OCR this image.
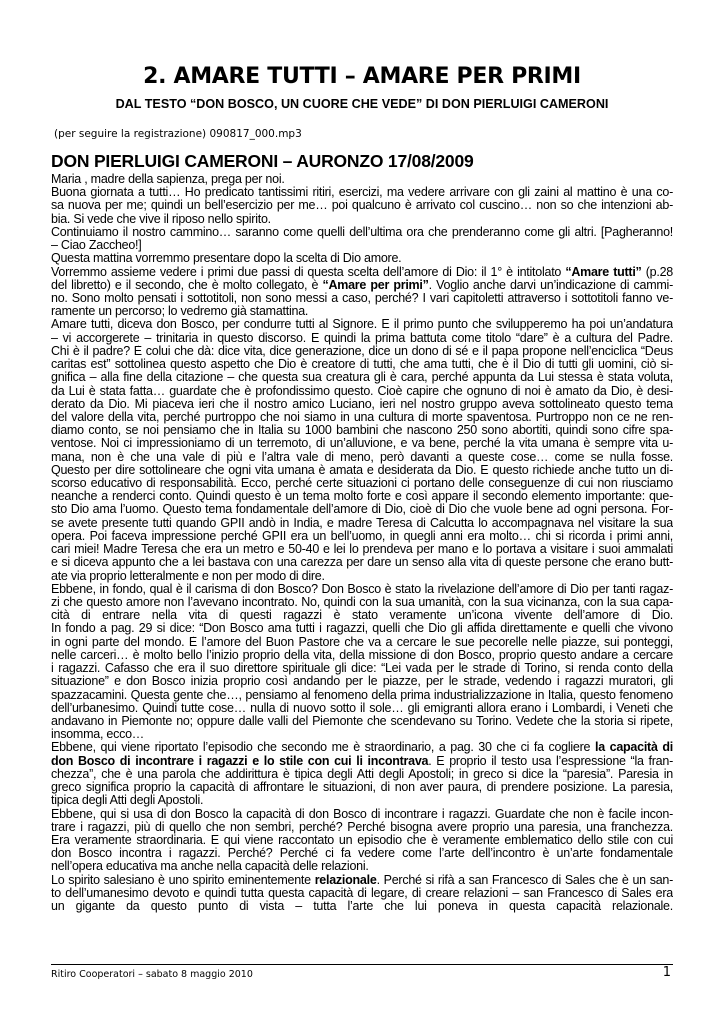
2. AMARE TUTTI – AMARE PER PRIMI
DAL TESTO “DON BOSCO, UN CUORE CHE VEDE” DI DON PIERLUIGI CAMERONI
(per seguire la registrazione) 090817_000.mp3
DON PIERLUIGI CAMERONI – AURONZO 17/08/2009
Maria , madre della sapienza, prega per noi.
Buona giornata a tutti… Ho predicato tantissimi ritiri, esercizi, ma vedere arrivare con gli zaini al mattino è una co-
sa nuova per me; quindi un bell’esercizio per me… poi qualcuno è arrivato col cuscino… non so che intenzioni ab-
bia. Si vede che vive il riposo nello spirito.
Continuiamo il nostro cammino… saranno come quelli dell’ultima ora che prenderanno come gli altri. [Pagheranno!
– Ciao Zaccheo!]
Questa mattina vorremmo presentare dopo la scelta di Dio amore.
Vorremmo assieme vedere i primi due passi di questa scelta dell’amore di Dio: il 1° è intitolato “Amare tutti” (p.28
del libretto) e il secondo, che è molto collegato, è “Amare per primi”. Voglio anche darvi un’indicazione di cammi-
no. Sono molto pensati i sottotitoli, non sono messi a caso, perché? I vari capitoletti attraverso i sottotitoli fanno ve-
ramente un percorso; lo vedremo già stamattina.
Amare tutti, diceva don Bosco, per condurre tutti al Signore. E il primo punto che svilupperemo ha poi un’andatura
– vi accorgerete – trinitaria in questo discorso. E quindi la prima battuta come titolo “dare” è a cultura del Padre.
Chi è il padre? È colui che dà: dice vita, dice generazione, dice un dono di sé e il papa propone nell’enciclica “Deus
caritas est” sottolinea questo aspetto che Dio è creatore di tutti, che ama tutti, che è il Dio di tutti gli uomini, ciò si-
gnifica – alla fine della citazione – che questa sua creatura gli è cara, perché appunta da Lui stessa è stata voluta,
da Lui è stata fatta… guardate che è profondissimo questo. Cioè capire che ognuno di noi è amato da Dio, è desi-
derato da Dio. Mi piaceva ieri che il nostro amico Luciano, ieri nel nostro gruppo aveva sottolineato questo tema
del valore della vita, perché purtroppo che noi siamo in una cultura di morte spaventosa. Purtroppo non ce ne ren-
diamo conto, se noi pensiamo che in Italia su 1000 bambini che nascono 250 sono abortiti, quindi sono cifre spa-
ventose. Noi ci impressioniamo di un terremoto, di un’alluvione, e va bene, perché la vita umana è sempre vita u-
mana, non è che una vale di più e l’altra vale di meno, però davanti a queste cose… come se nulla fosse.
Questo per dire sottolineare che ogni vita umana è amata e desiderata da Dio. E questo richiede anche tutto un di-
scorso educativo di responsabilità. Ecco, perché certe situazioni ci portano delle conseguenze di cui non riusciamo
neanche a renderci conto. Quindi questo è un tema molto forte e così appare il secondo elemento importante: que-
sto Dio ama l’uomo. Questo tema fondamentale dell’amore di Dio, cioè di Dio che vuole bene ad ogni persona. For-
se avete presente tutti quando GPII andò in India, e madre Teresa di Calcutta lo accompagnava nel visitare la sua
opera. Poi faceva impressione perché GPII era un bell’uomo, in quegli anni era molto… chi si ricorda i primi anni,
cari miei! Madre Teresa che era un metro e 50-40 e lei lo prendeva per mano e lo portava a visitare i suoi ammalati
e si diceva appunto che a lei bastava con una carezza per dare un senso alla vita di queste persone che erano butt-
ate via proprio letteralmente e non per modo di dire.
Ebbene, in fondo, qual è il carisma di don Bosco? Don Bosco è stato la rivelazione dell’amore di Dio per tanti ragaz-
zi che questo amore non l’avevano incontrato. No, quindi con la sua umanità, con la sua vicinanza, con la sua capa-
cità di entrare nella vita di questi ragazzi è stato veramente un’icona vivente dell’amore di Dio.
In fondo a pag. 29 si dice: “Don Bosco ama tutti i ragazzi, quelli che Dio gli affida direttamente e quelli che vivono
in ogni parte del mondo. È l’amore del Buon Pastore che va a cercare le sue pecorelle nelle piazze, sui ponteggi,
nelle carceri… è molto bello l’inizio proprio della vita, della missione di don Bosco, proprio questo andare a cercare
i ragazzi. Cafasso che era il suo direttore spirituale gli dice: “Lei vada per le strade di Torino, si renda conto della
situazione” e don Bosco inizia proprio così andando per le piazze, per le strade, vedendo i ragazzi muratori, gli
spazzacamini. Questa gente che…, pensiamo al fenomeno della prima industrializzazione in Italia, questo fenomeno
dell’urbanesimo. Quindi tutte cose… nulla di nuovo sotto il sole… gli emigranti allora erano i Lombardi, i Veneti che
andavano in Piemonte no; oppure dalle valli del Piemonte che scendevano su Torino. Vedete che la storia si ripete,
insomma, ecco…
Ebbene, qui viene riportato l’episodio che secondo me è straordinario, a pag. 30 che ci fa cogliere la capacità di
don Bosco di incontrare i ragazzi e lo stile con cui li incontrava. E proprio il testo usa l’espressione “la fran-
chezza”, che è una parola che addirittura è tipica degli Atti degli Apostoli; in greco si dice la “paresia”. Paresia in
greco significa proprio la capacità di affrontare le situazioni, di non aver paura, di prendere posizione. La paresia,
tipica degli Atti degli Apostoli.
Ebbene, qui si usa di don Bosco la capacità di don Bosco di incontrare i ragazzi. Guardate che non è facile incon-
trare i ragazzi, più di quello che non sembri, perché? Perché bisogna avere proprio una paresia, una franchezza.
Era veramente straordinaria. E qui viene raccontato un episodio che è veramente emblematico dello stile con cui
don Bosco incontra i ragazzi. Perché? Perché ci fa vedere come l’arte dell’incontro è un’arte fondamentale
nell’opera educativa ma anche nella capacità delle relazioni.
Lo spirito salesiano è uno spirito eminentemente relazionale. Perché si rifà a san Francesco di Sales che è un san-
to dell’umanesimo devoto e quindi tutta questa capacità di legare, di creare relazioni – san Francesco di Sales era
un gigante da questo punto di vista – tutta l’arte che lui poneva in questa capacità relazionale.
Ritiro Cooperatori – sabato 8 maggio 2010	1
